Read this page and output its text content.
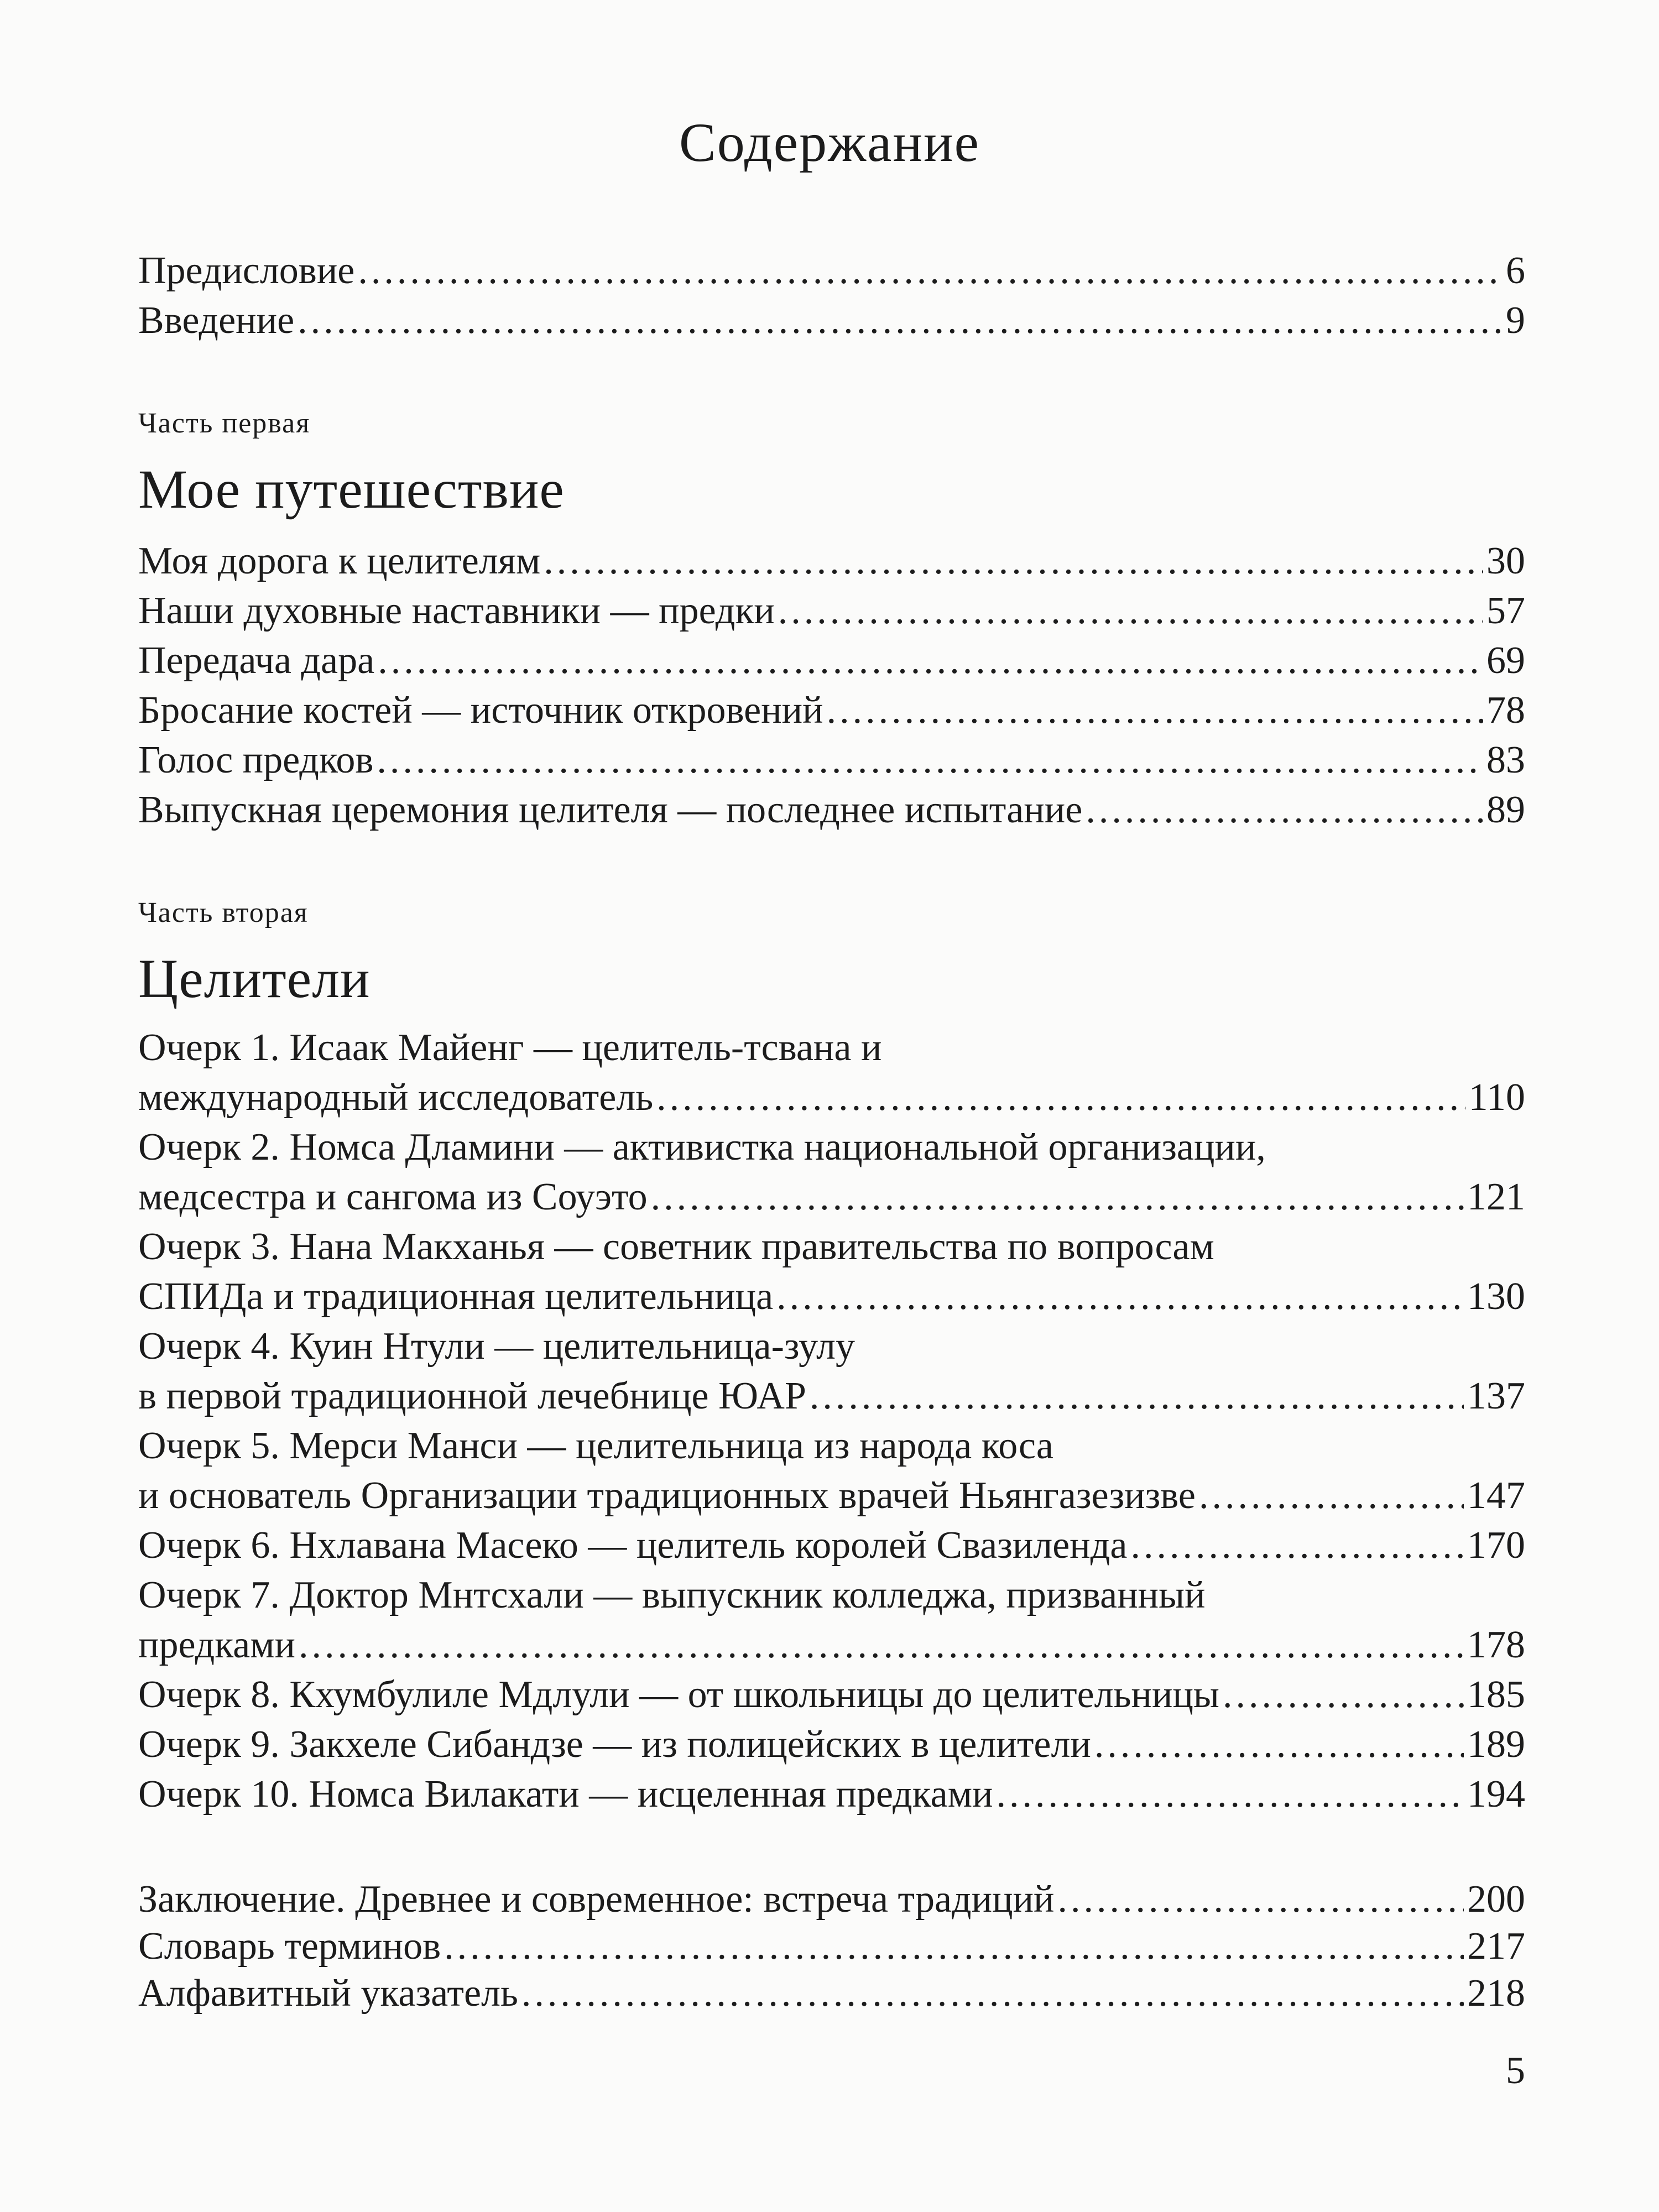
Содержание
Предисловие .....	6
Введение .....	9
Часть первая
Мое путешествие
Моя дорога к целителям .....	30
Наши духовные наставники — предки .....	57
Передача дара .....	69
Бросание костей — источник откровений .....	78
Голос предков .....	83
Выпускная церемония целителя — последнее испытание .....	89
Часть вторая
Целители
Очерк 1. Исаак Майенг — целитель-тсвана и
международный исследователь .....	110
Очерк 2. Номса Дламини — активистка национальной организации,
медсестра и сангома из Соуэто .....	121
Очерк 3. Нана Макханья — советник правительства по вопросам
СПИДа и традиционная целительница .....	130
Очерк 4. Куин Нтули — целительница-зулу
в первой традиционной лечебнице ЮАР .....	137
Очерк 5. Мерси Манси — целительница из народа коса
и основатель Организации традиционных врачей Ньянгазезизве .....	147
Очерк 6. Нхлавана Масеко — целитель королей Свазиленда .....	170
Очерк 7. Доктор Мнтсхали — выпускник колледжа, призванный
предками .....	178
Очерк 8. Кхумбулиле Мдлули — от школьницы до целительницы .....	185
Очерк 9. Закхеле Сибандзе — из полицейских в целители .....	189
Очерк 10. Номса Вилакати — исцеленная предками .....	194
Заключение. Древнее и современное: встреча традиций .....	200
Словарь терминов .....	217
Алфавитный указатель .....	218
5
